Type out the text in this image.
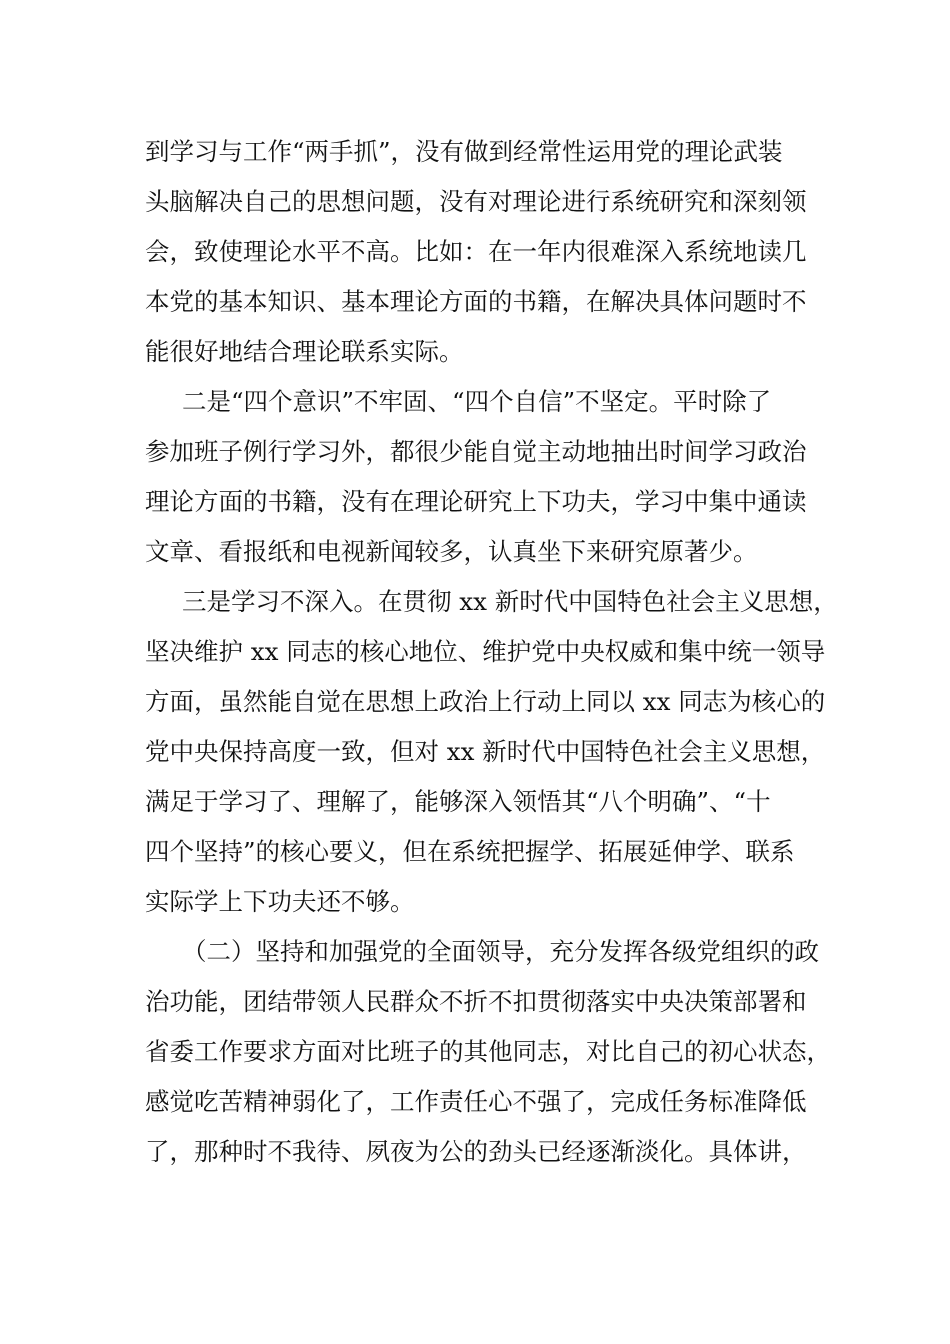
到学习与工作“两手抓”，没有做到经常性运用党的理论武装
头脑解决自己的思想问题，没有对理论进行系统研究和深刻领
会，致使理论水平不高。比如：在一年内很难深入系统地读几
本党的基本知识、基本理论方面的书籍，在解决具体问题时不
能很好地结合理论联系实际。
二是“四个意识”不牢固、“四个自信”不坚定。平时除了
参加班子例行学习外，都很少能自觉主动地抽出时间学习政治
理论方面的书籍，没有在理论研究上下功夫，学习中集中通读
文章、看报纸和电视新闻较多，认真坐下来研究原著少。
三是学习不深入。在贯彻 xx 新时代中国特色社会主义思想，
坚决维护 xx 同志的核心地位、维护党中央权威和集中统一领导
方面，虽然能自觉在思想上政治上行动上同以 xx 同志为核心的
党中央保持高度一致，但对 xx 新时代中国特色社会主义思想，
满足于学习了、理解了，能够深入领悟其“八个明确”、“十
四个坚持”的核心要义，但在系统把握学、拓展延伸学、联系
实际学上下功夫还不够。
（二）坚持和加强党的全面领导，充分发挥各级党组织的政
治功能，团结带领人民群众不折不扣贯彻落实中央决策部署和
省委工作要求方面对比班子的其他同志，对比自己的初心状态，
感觉吃苦精神弱化了，工作责任心不强了，完成任务标准降低
了，那种时不我待、夙夜为公的劲头已经逐渐淡化。具体讲，
